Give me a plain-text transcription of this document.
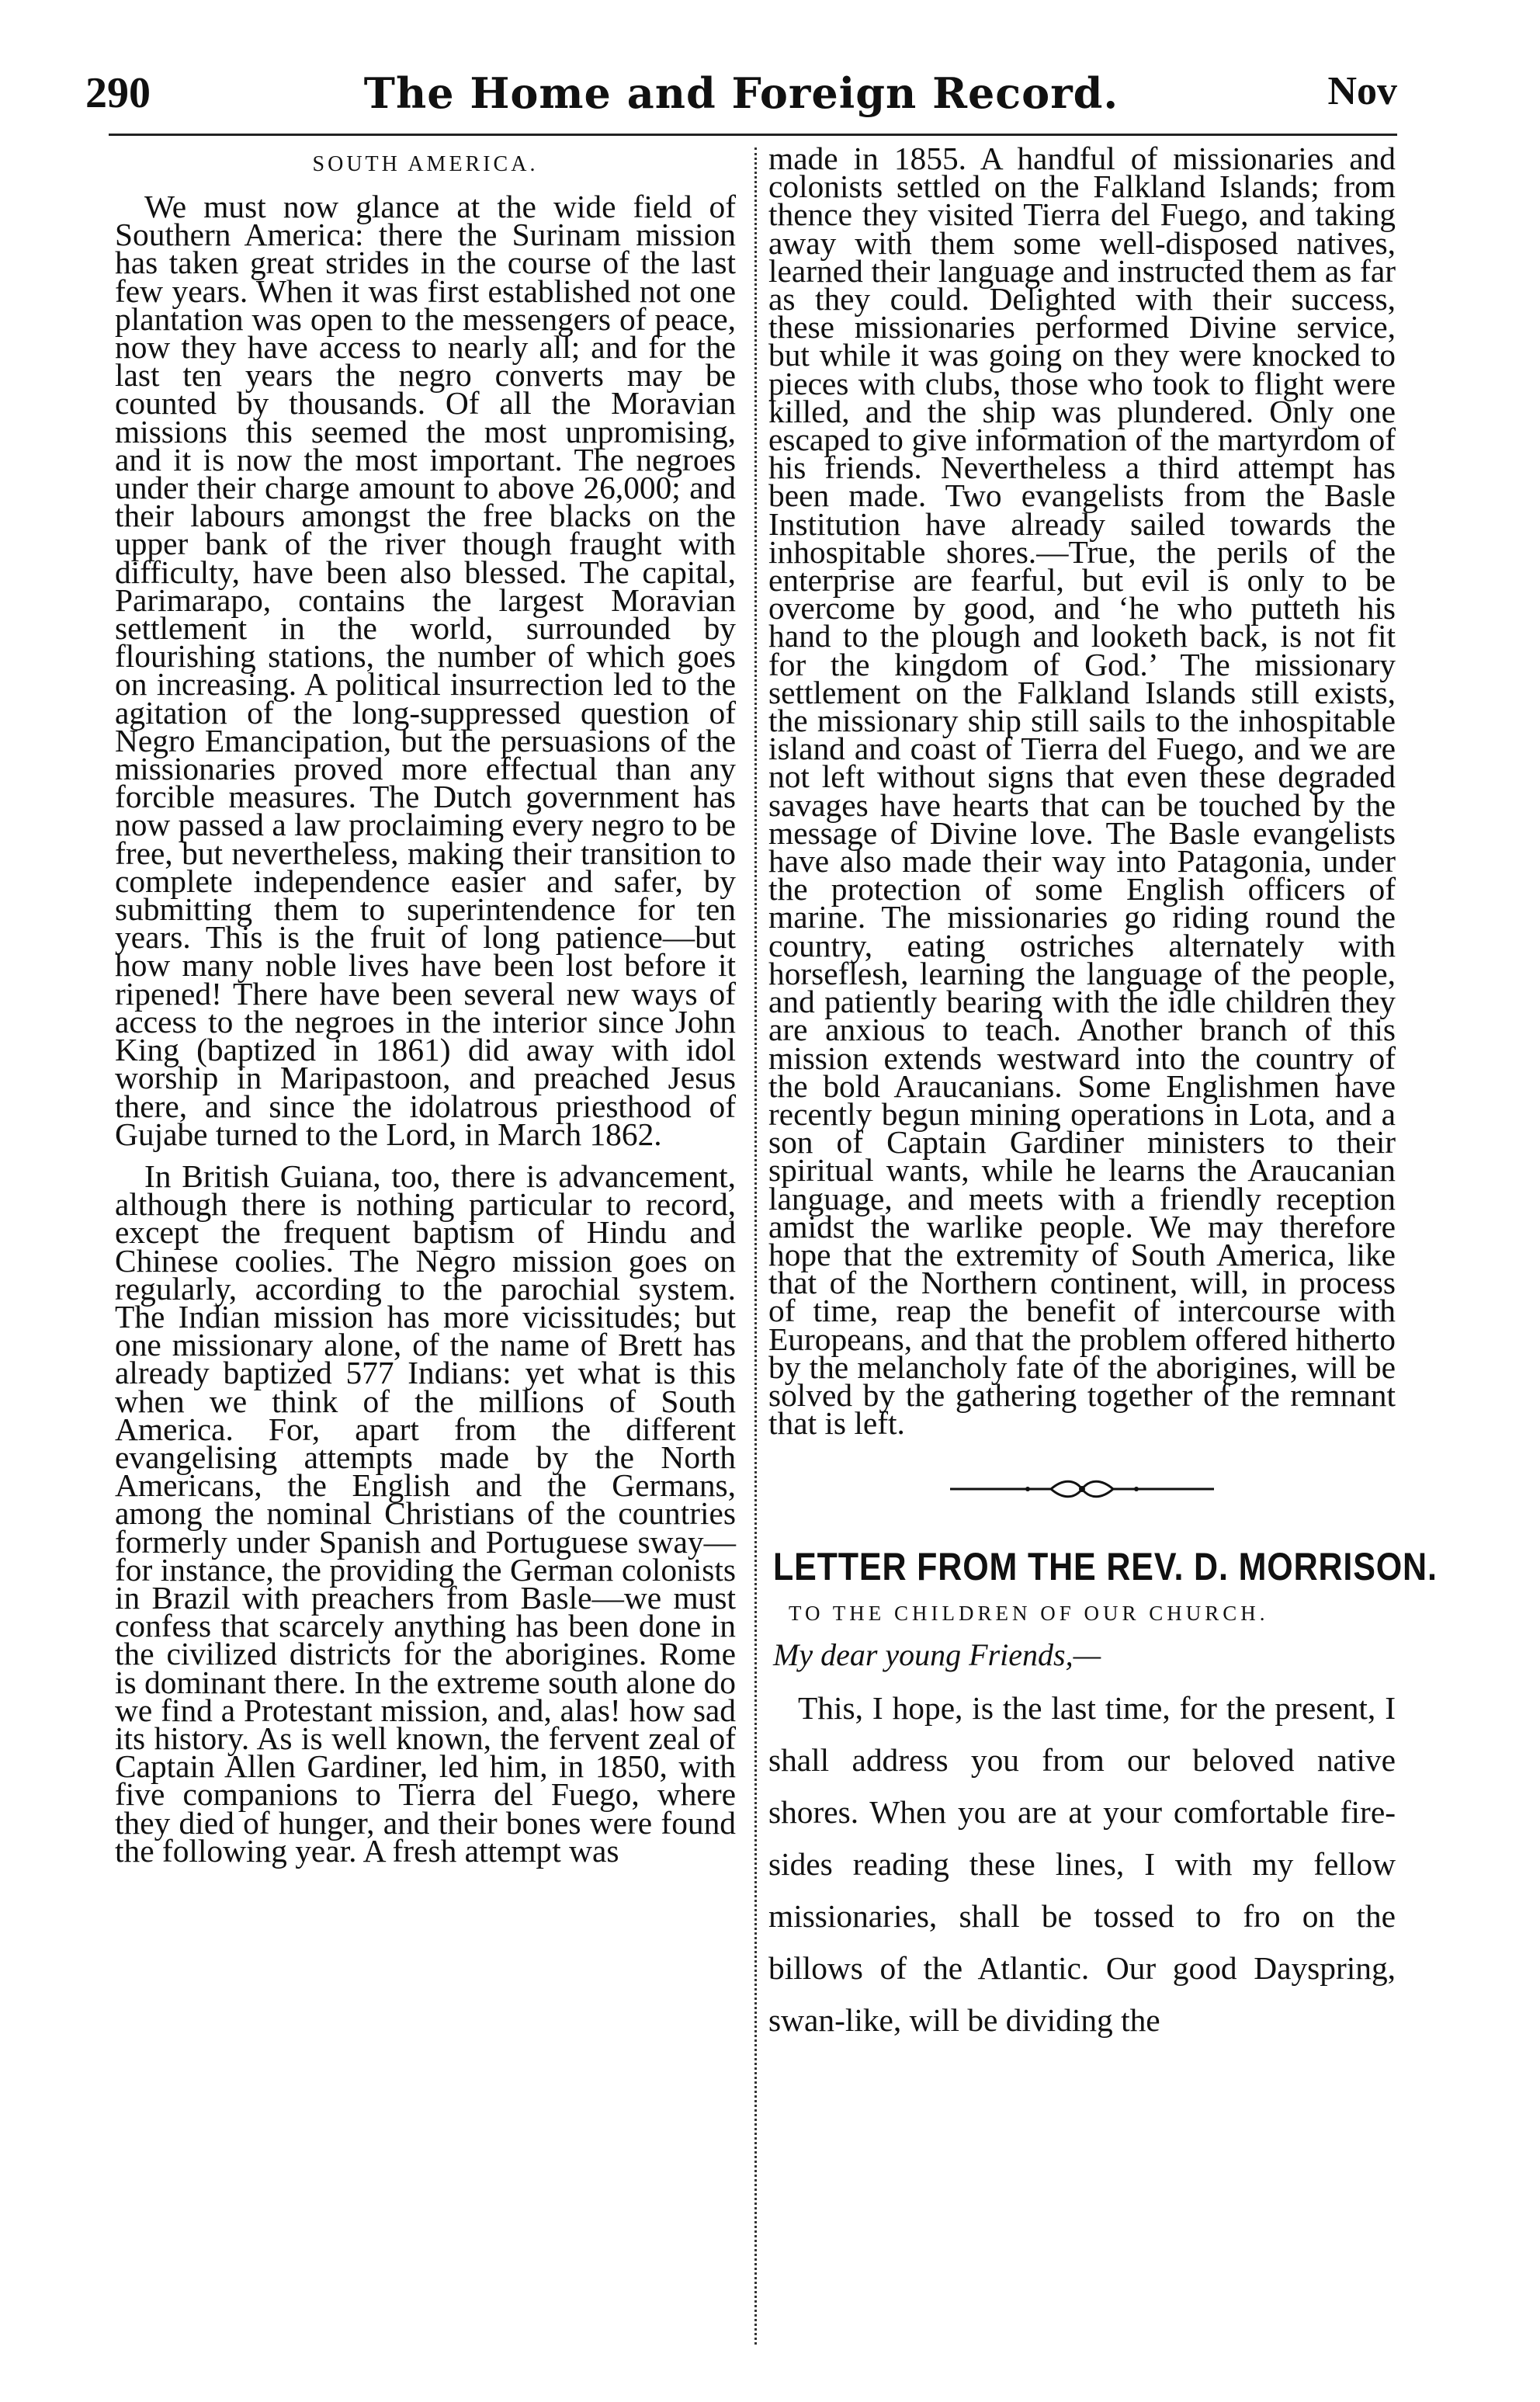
290	The Home and Foreign Record.	Nov
SOUTH AMERICA.

We must now glance at the wide field of Southern America: there the Surinam mission has taken great strides in the course of the last few years. When it was first established not one plantation was open to the messengers of peace, now they have access to nearly all; and for the last ten years the negro converts may be counted by thousands. Of all the Moravian missions this seemed the most unpromising, and it is now the most important. The negroes under their charge amount to above 26,000; and their labours amongst the free blacks on the upper bank of the river though fraught with difficulty, have been also blessed. The capital, Parimarapo, contains the largest Moravian settlement in the world, surrounded by flourishing stations, the number of which goes on increasing. A political insurrection led to the agitation of the long-suppressed question of Negro Emancipation, but the persuasions of the missionaries proved more effectual than any forcible measures. The Dutch government has now passed a law proclaiming every negro to be free, but nevertheless, making their transition to complete independence easier and safer, by submitting them to superintendence for ten years. This is the fruit of long patience—but how many noble lives have been lost before it ripened! There have been several new ways of access to the negroes in the interior since John King (baptized in 1861) did away with idol worship in Maripastoon, and preached Jesus there, and since the idolatrous priesthood of Gujabe turned to the Lord, in March 1862.

In British Guiana, too, there is advancement, although there is nothing particular to record, except the frequent baptism of Hindu and Chinese coolies. The Negro mission goes on regularly, according to the parochial system. The Indian mission has more vicissitudes; but one missionary alone, of the name of Brett has already baptized 577 Indians: yet what is this when we think of the millions of South America. For, apart from the different evangelising attempts made by the North Americans, the English and the Germans, among the nominal Christians of the countries formerly under Spanish and Portuguese sway—for instance, the providing the German colonists in Brazil with preachers from Basle—we must confess that scarcely anything has been done in the civilized districts for the aborigines. Rome is dominant there. In the extreme south alone do we find a Protestant mission, and, alas! how sad its history. As is well known, the fervent zeal of Captain Allen Gardiner, led him, in 1850, with five companions to Tierra del Fuego, where they died of hunger, and their bones were found the following year. A fresh attempt was

made in 1855. A handful of missionaries and colonists settled on the Falkland Islands; from thence they visited Tierra del Fuego, and taking away with them some well-disposed natives, learned their language and instructed them as far as they could. Delighted with their success, these missionaries performed Divine service, but while it was going on they were knocked to pieces with clubs, those who took to flight were killed, and the ship was plundered. Only one escaped to give information of the martyrdom of his friends. Nevertheless a third attempt has been made. Two evangelists from the Basle Institution have already sailed towards the inhospitable shores.—True, the perils of the enterprise are fearful, but evil is only to be overcome by good, and ‘he who putteth his hand to the plough and looketh back, is not fit for the kingdom of God.’ The missionary settlement on the Falkland Islands still exists, the missionary ship still sails to the inhospitable island and coast of Tierra del Fuego, and we are not left without signs that even these degraded savages have hearts that can be touched by the message of Divine love. The Basle evangelists have also made their way into Patagonia, under the protection of some English officers of marine. The missionaries go riding round the country, eating ostriches alternately with horseflesh, learning the language of the people, and patiently bearing with the idle children they are anxious to teach. Another branch of this mission extends westward into the country of the bold Araucanians. Some Englishmen have recently begun mining operations in Lota, and a son of Captain Gardiner ministers to their spiritual wants, while he learns the Araucanian language, and meets with a friendly reception amidst the warlike people. We may therefore hope that the extremity of South America, like that of the Northern continent, will, in process of time, reap the benefit of intercourse with Europeans, and that the problem offered hitherto by the melancholy fate of the aborigines, will be solved by the gathering together of the remnant that is left.

LETTER FROM THE REV. D. MORRISON.
TO THE CHILDREN OF OUR CHURCH.
My dear young Friends,—

This, I hope, is the last time, for the present, I shall address you from our beloved native shores. When you are at your comfortable fire-sides reading these lines, I with my fellow missionaries, shall be tossed to fro on the billows of the Atlantic. Our good Dayspring, swan-like, will be dividing the
